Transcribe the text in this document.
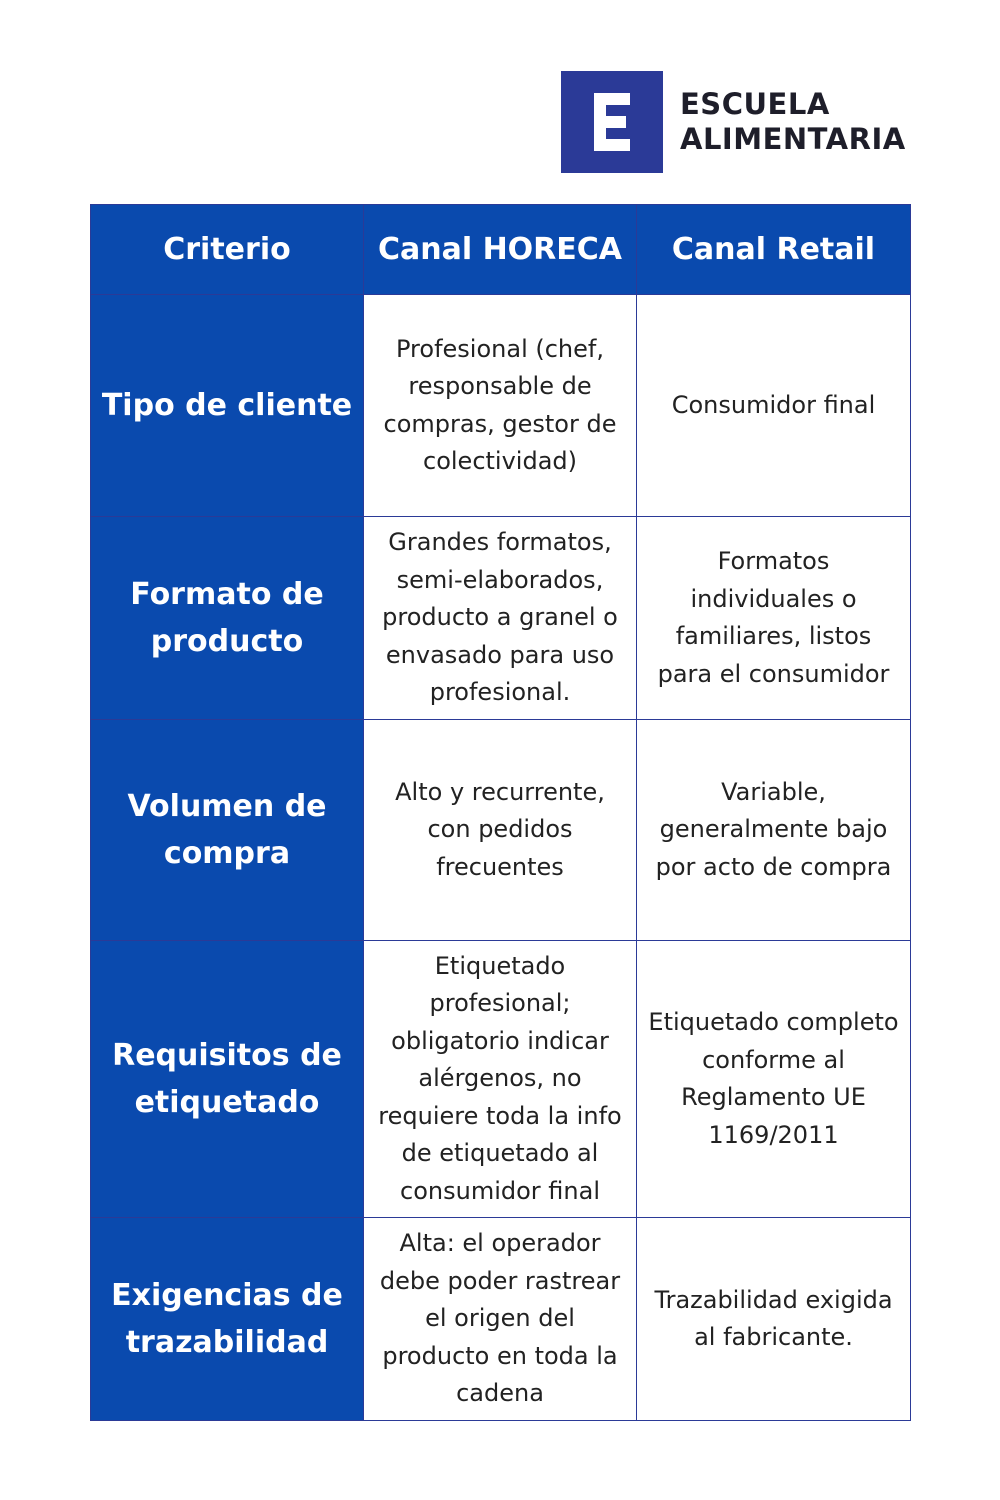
ESCUELA
ALIMENTARIA
Criterio	Canal HORECA	Canal Retail
Tipo de cliente	Profesional (chef, responsable de compras, gestor de colectividad)	Consumidor final
Formato de producto	Grandes formatos, semi-elaborados, producto a granel o envasado para uso profesional.	Formatos individuales o familiares, listos para el consumidor
Volumen de compra	Alto y recurrente, con pedidos frecuentes	Variable, generalmente bajo por acto de compra
Requisitos de etiquetado	Etiquetado profesional; obligatorio indicar alérgenos, no requiere toda la info de etiquetado al consumidor final	Etiquetado completo conforme al Reglamento UE 1169/2011
Exigencias de trazabilidad	Alta: el operador debe poder rastrear el origen del producto en toda la cadena	Trazabilidad exigida al fabricante.
